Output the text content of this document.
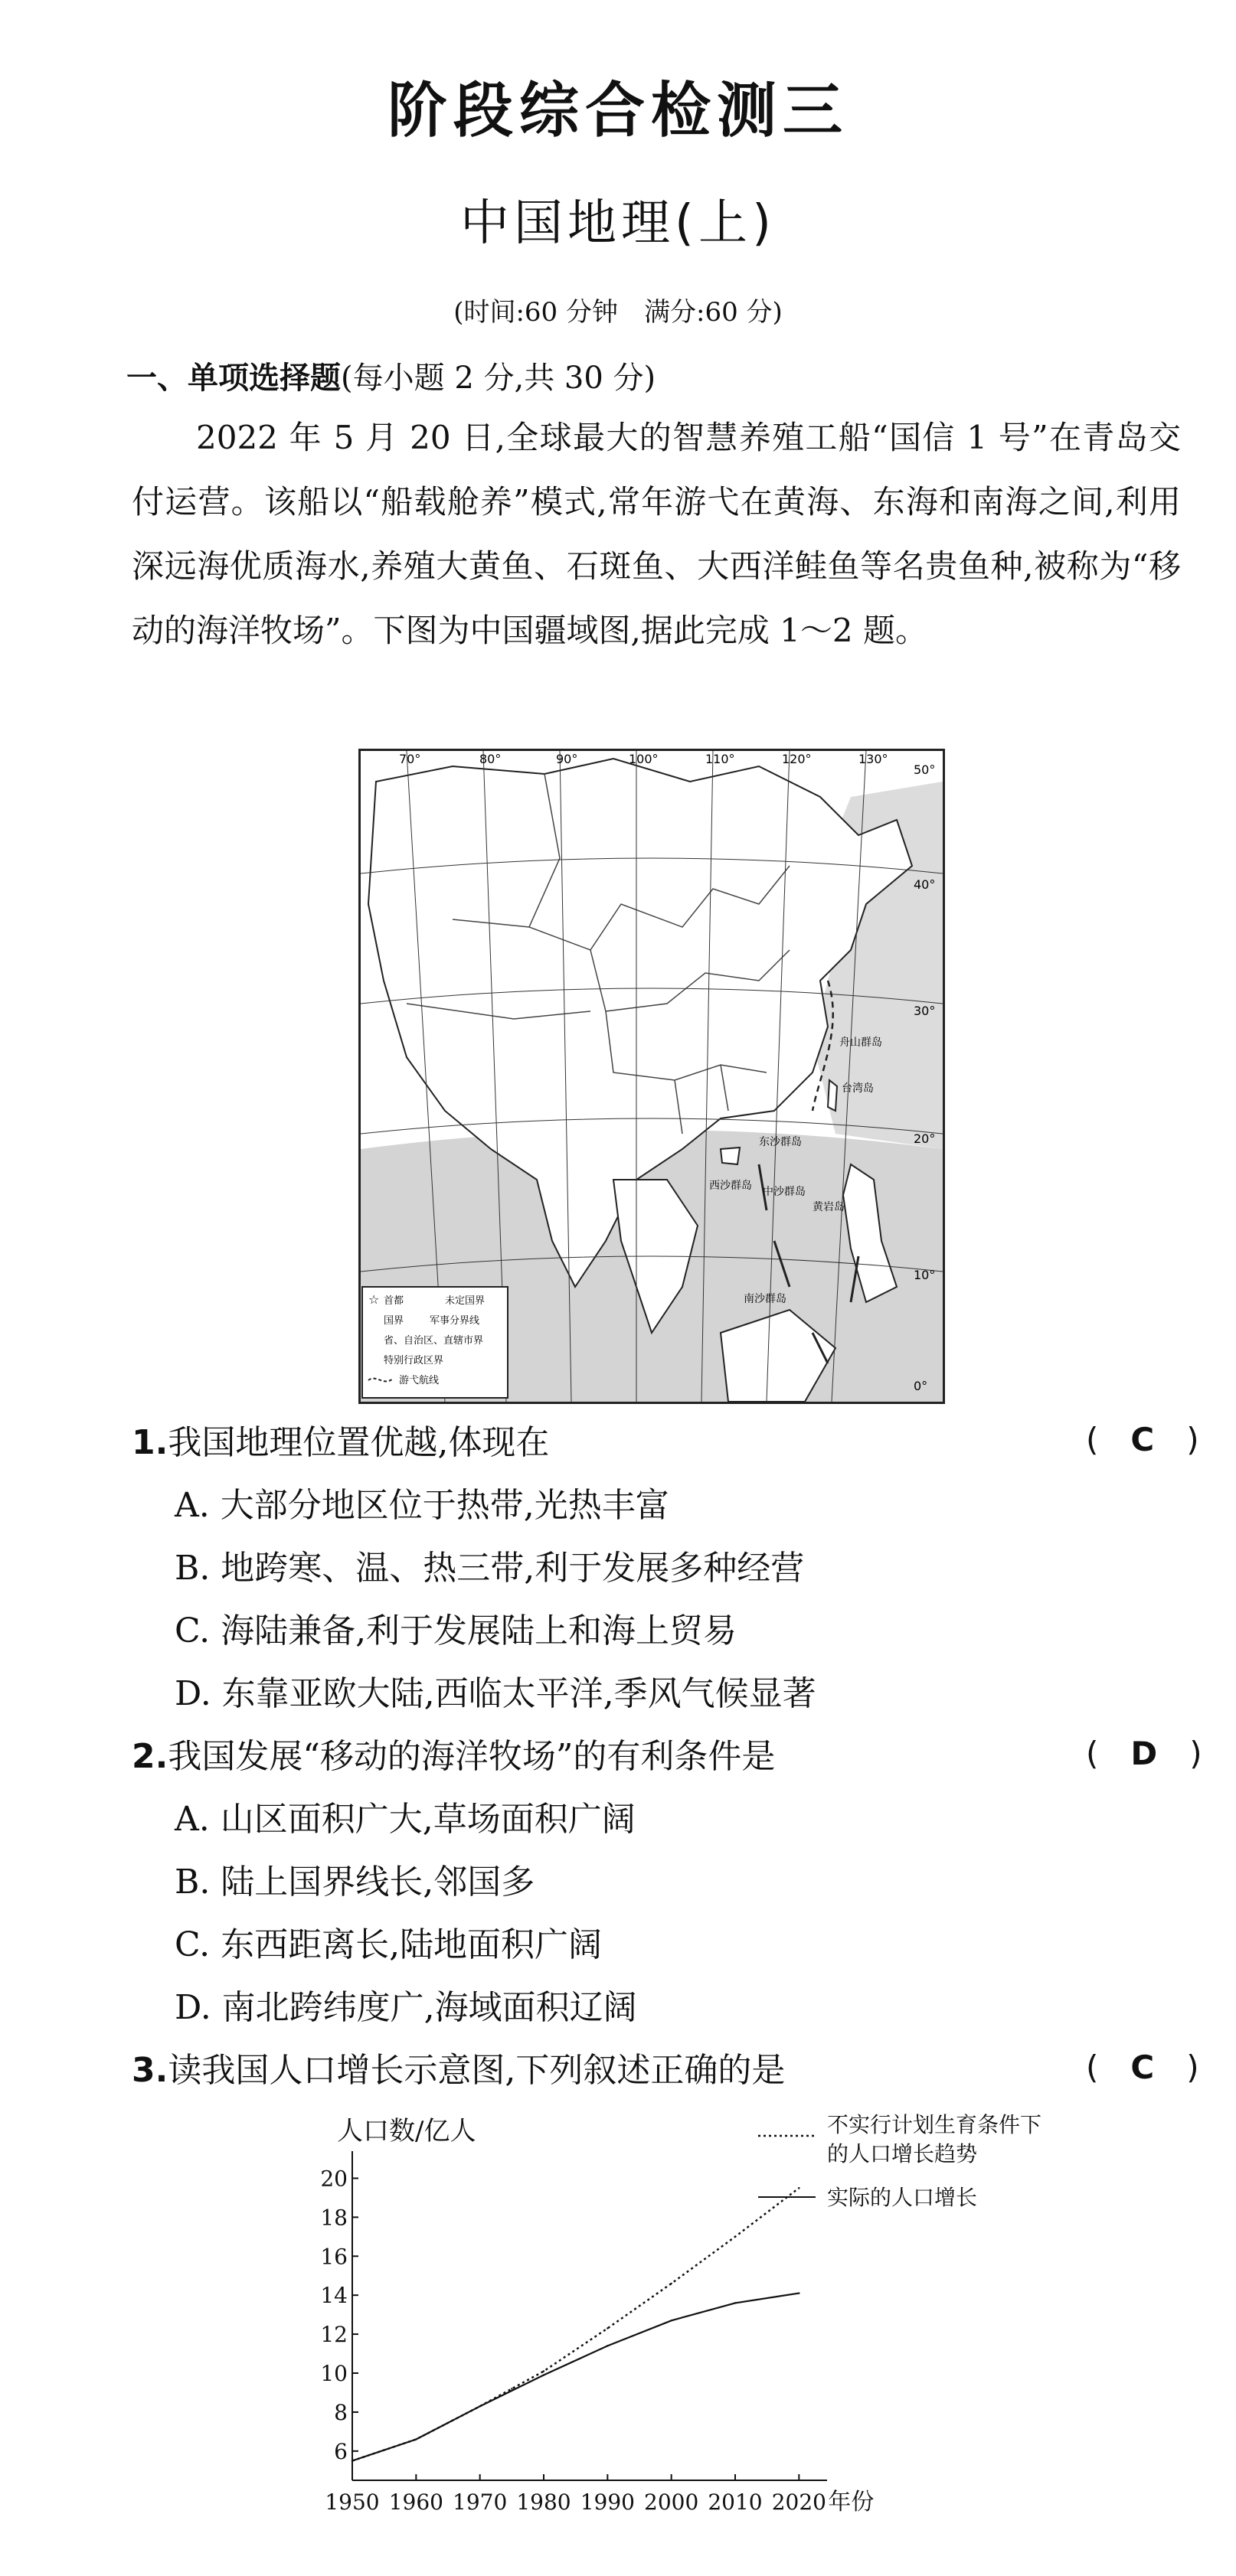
阶段综合检测三
中国地理(上)
(时间:60 分钟　满分:60 分)
一、单项选择题(每小题 2 分,共 30 分)
2022 年 5 月 20 日,全球最大的智慧养殖工船“国信 1 号”在青岛交付运营。该船以“船载舱养”模式,常年游弋在黄海、东海和南海之间,利用深远海优质海水,养殖大黄鱼、石斑鱼、大西洋鲑鱼等名贵鱼种,被称为“移动的海洋牧场”。下图为中国疆域图,据此完成 1～2 题。
70°	80°	90°	100°	110°	120°	130°
50°
40°
30°
20°
10°
0°
舟山群岛
台湾岛
东沙群岛
西沙群岛 中沙群岛
黄岩岛
南沙群岛
☆ 首都	未定国界
国界	军事分界线
省、自治区、直辖市界
特别行政区界
游弋航线
1.我国地理位置优越,体现在	(　C　)
A. 大部分地区位于热带,光热丰富
B. 地跨寒、温、热三带,利于发展多种经营
C. 海陆兼备,利于发展陆上和海上贸易
D. 东靠亚欧大陆,西临太平洋,季风气候显著
2.我国发展“移动的海洋牧场”的有利条件是	(　D　)
A. 山区面积广大,草场面积广阔
B. 陆上国界线长,邻国多
C. 东西距离长,陆地面积广阔
D. 南北跨纬度广,海域面积辽阔
3.读我国人口增长示意图,下列叙述正确的是	(　C　)
人口数/亿人
1950 1960 1970 1980 1990 2000 2010 2020 年份
6
8
10
12
14
16
18
20
不实行计划生育条件下
的人口增长趋势
实际的人口增长
